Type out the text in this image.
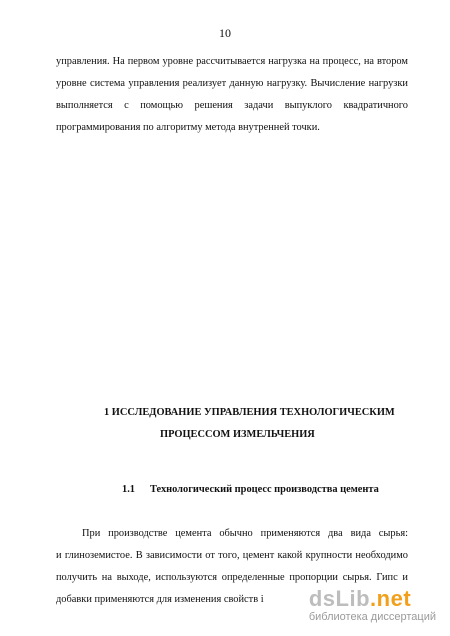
10
управления. На первом уровне рассчитывается нагрузка на процесс, на втором
уровне система управления реализует данную нагрузку. Вычисление нагрузки
выполняется с помощью решения задачи выпуклого квадратичного
программирования по алгоритму метода внутренней точки.
1 ИССЛЕДОВАНИЕ УПРАВЛЕНИЯ ТЕХНОЛОГИЧЕСКИМ
ПРОЦЕССОМ ИЗМЕЛЬЧЕНИЯ
1.1 Технологический процесс производства цемента
При производстве цемента обычно применяются два вида сырья:
и глиноземистое. В зависимости от того, цемент какой крупности необходимо
получить на выходе, используются определенные пропорции сырья. Гипс и
добавки применяются для изменения свойств і	dsLib.net
библиотека диссертаций
